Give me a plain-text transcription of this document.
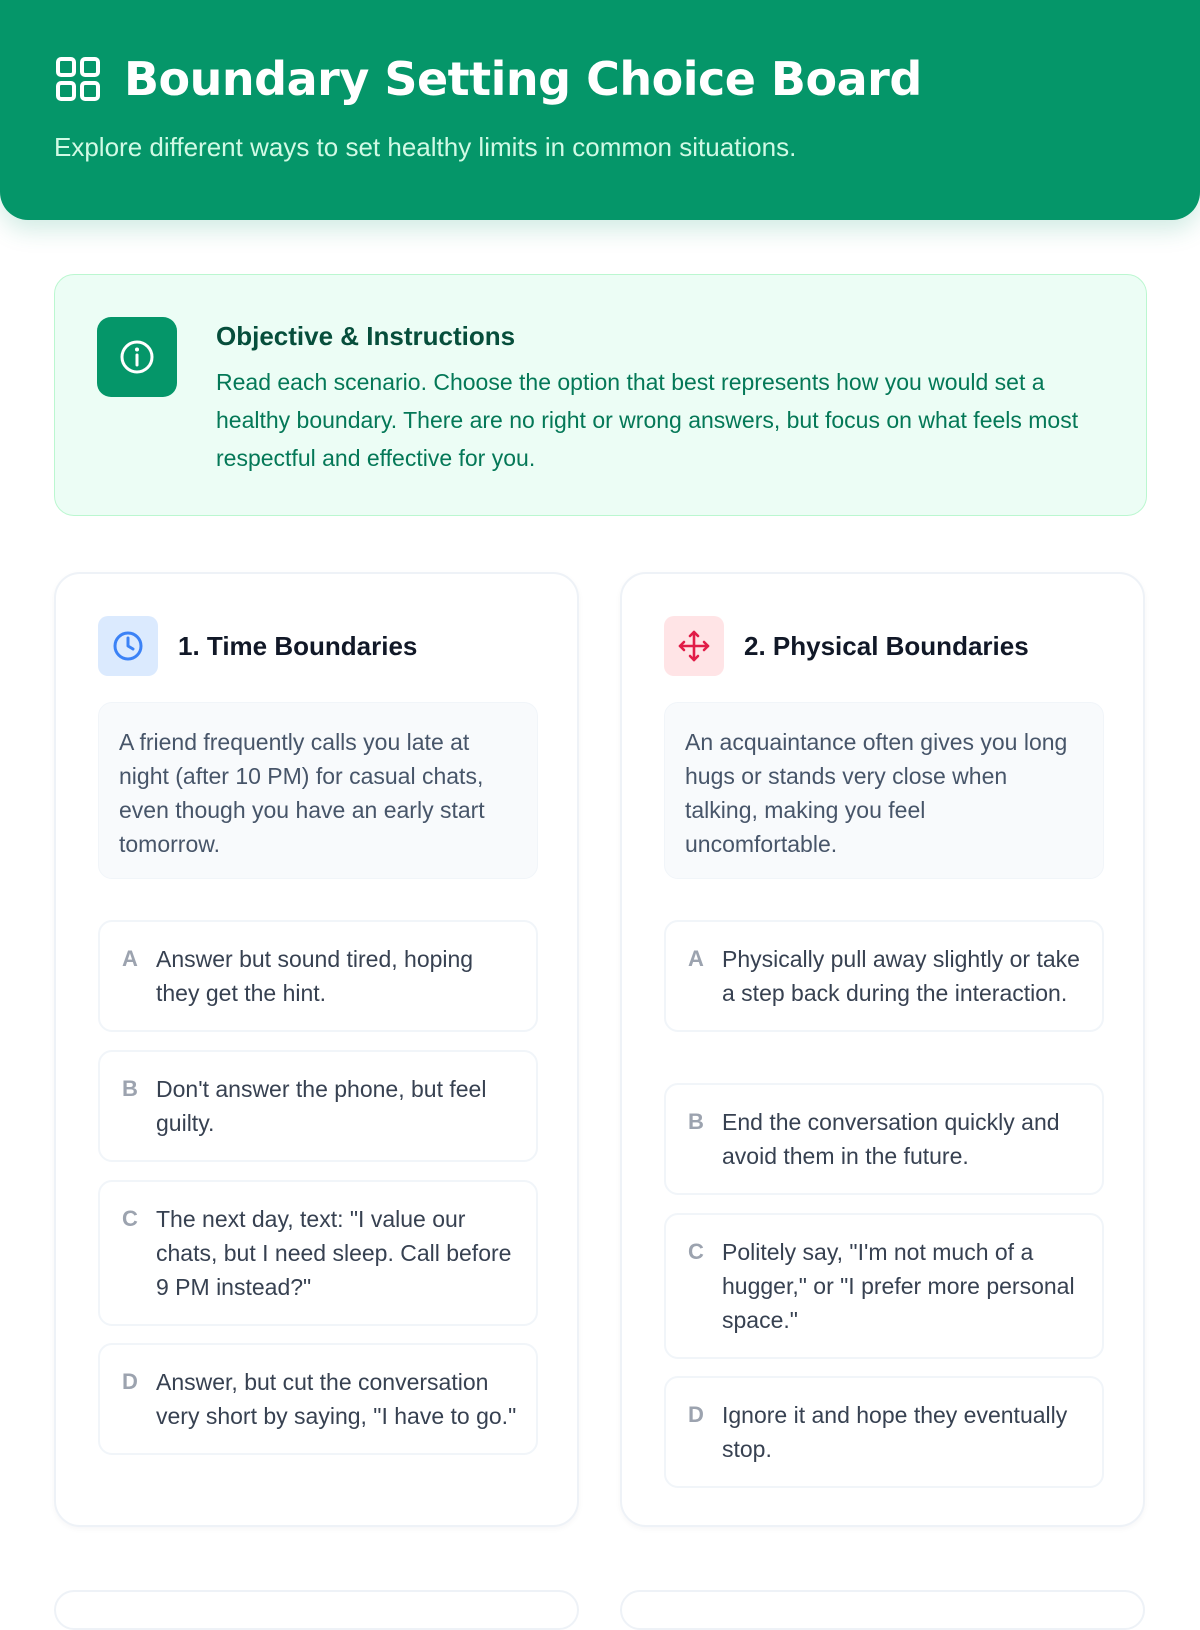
Boundary Setting Choice Board

Explore different ways to set healthy limits in common situations.

Objective & Instructions

Read each scenario. Choose the option that best represents how you would set a healthy boundary. There are no right or wrong answers, but focus on what feels most respectful and effective for you.

1. Time Boundaries
A friend frequently calls you late at night (after 10 PM) for casual chats, even though you have an early start tomorrow.
A Answer but sound tired, hoping they get the hint.
B Don't answer the phone, but feel guilty.
C The next day, text: "I value our chats, but I need sleep. Call before 9 PM instead?"
D Answer, but cut the conversation very short by saying, "I have to go."
2. Physical Boundaries
An acquaintance often gives you long hugs or stands very close when talking, making you feel uncomfortable.
A Physically pull away slightly or take a step back during the interaction.
B End the conversation quickly and avoid them in the future.
C Politely say, "I'm not much of a hugger," or "I prefer more personal space."
D Ignore it and hope they eventually stop.
